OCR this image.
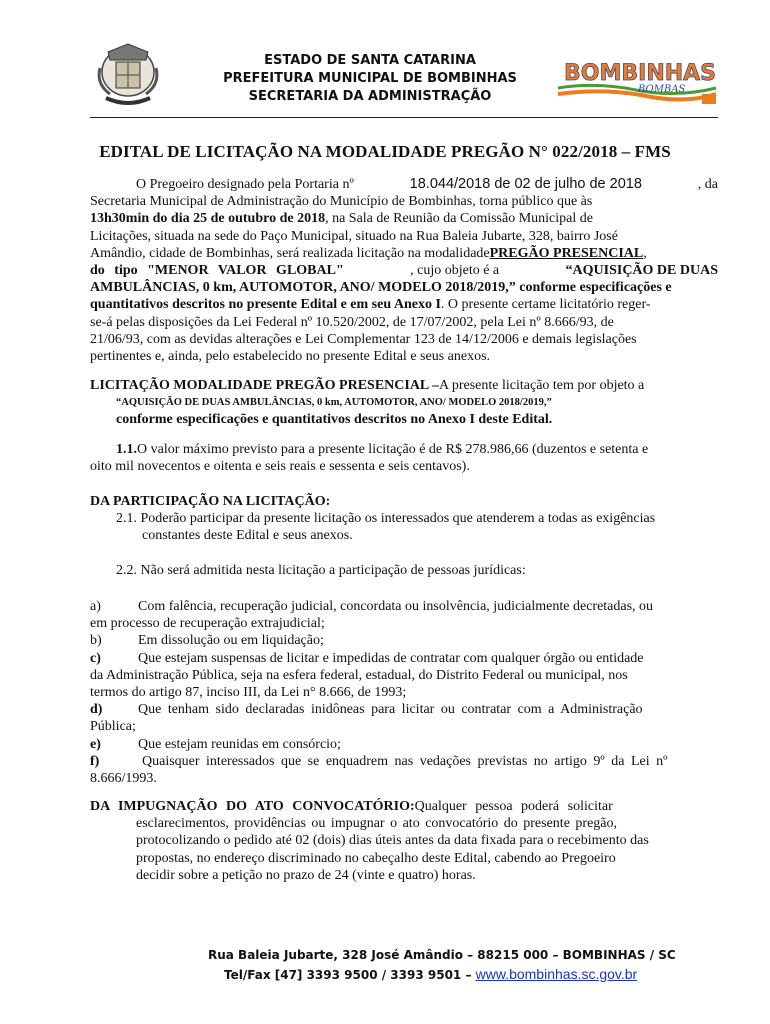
ESTADO DE SANTA CATARINA
PREFEITURA MUNICIPAL DE BOMBINHAS
SECRETARIA DA ADMINISTRAÇÃO
BOMBINHAS
BOMBAS
EDITAL DE LICITAÇÃO NA MODALIDADE PREGÃO N° 022/2018 – FMS
O Pregoeiro designado pela Portaria nº	18.044/2018 de 02 de julho de 2018	, da
Secretaria Municipal de Administração do Município de Bombinhas, torna público que às
13h30min do dia 25 de outubro de 2018 , na Sala de Reunião da Comissão Municipal de
Licitações, situada na sede do Paço Municipal, situado na Rua Baleia Jubarte, 328, bairro José
Amândio, cidade de Bombinhas, será realizada licitação na modalidade PREGÃO PRESENCIAL ,
do tipo "MENOR VALOR GLOBAL"	, cujo objeto é a	“AQUISIÇÃO DE DUAS
AMBULÂNCIAS, 0 km, AUTOMOTOR, ANO/ MODELO 2018/2019, ” conforme especificações e
quantitativos descritos no presente Edital e em seu Anexo I . O presente certame licitatório reger-
se-á pelas disposições da Lei Federal nº 10.520/2002, de 17/07/2002, pela Lei nº 8.666/93, de
21/06/93, com as devidas alterações e Lei Complementar 123 de 14/12/2006 e demais legislações
pertinentes e, ainda, pelo estabelecido no presente Edital e seus anexos.
LICITAÇÃO MODALIDADE PREGÃO PRESENCIAL – A presente licitação tem por objeto a
“AQUISIÇÃO DE DUAS AMBULÂNCIAS, 0 km, AUTOMOTOR, ANO/ MODELO 2018/2019,”
conforme especificações e quantitativos descritos no Anexo I deste Edital.
1.1. O valor máximo previsto para a presente licitação é de R$ 278.986,66 (duzentos e setenta e
oito mil novecentos e oitenta e seis reais e sessenta e seis centavos).
DA PARTICIPAÇÃO NA LICITAÇÃO:
2.1. Poderão participar da presente licitação os interessados que atenderem a todas as exigências
constantes deste Edital e seus anexos.
2.2. Não será admitida nesta licitação a participação de pessoas jurídicas:
a)	Com falência, recuperação judicial, concordata ou insolvência, judicialmente decretadas, ou
em processo de recuperação extrajudicial;
b)	Em dissolução ou em liquidação;
c)	Que estejam suspensas de licitar e impedidas de contratar com qualquer órgão ou entidade
da Administração Pública, seja na esfera federal, estadual, do Distrito Federal ou municipal, nos
termos do artigo 87, inciso III, da Lei n° 8.666, de 1993;
d)	Que tenham sido declaradas inidôneas para licitar ou contratar com a Administração
Pública;
e)	Que estejam reunidas em consórcio;
f)	Quaisquer interessados que se enquadrem nas vedações previstas no artigo 9º da Lei nº
8.666/1993.
DA IMPUGNAÇÃO DO ATO CONVOCATÓRIO: Qualquer pessoa poderá solicitar
esclarecimentos, providências ou impugnar o ato convocatório do presente pregão,
protocolizando o pedido até 02 (dois) dias úteis antes da data fixada para o recebimento das
propostas, no endereço discriminado no cabeçalho deste Edital, cabendo ao Pregoeiro
decidir sobre a petição no prazo de 24 (vinte e quatro) horas.
Rua Baleia Jubarte, 328 José Amândio – 88215 000 – BOMBINHAS / SC
Tel/Fax [47] 3393 9500 / 3393 9501 – www.bombinhas.sc.gov.br
